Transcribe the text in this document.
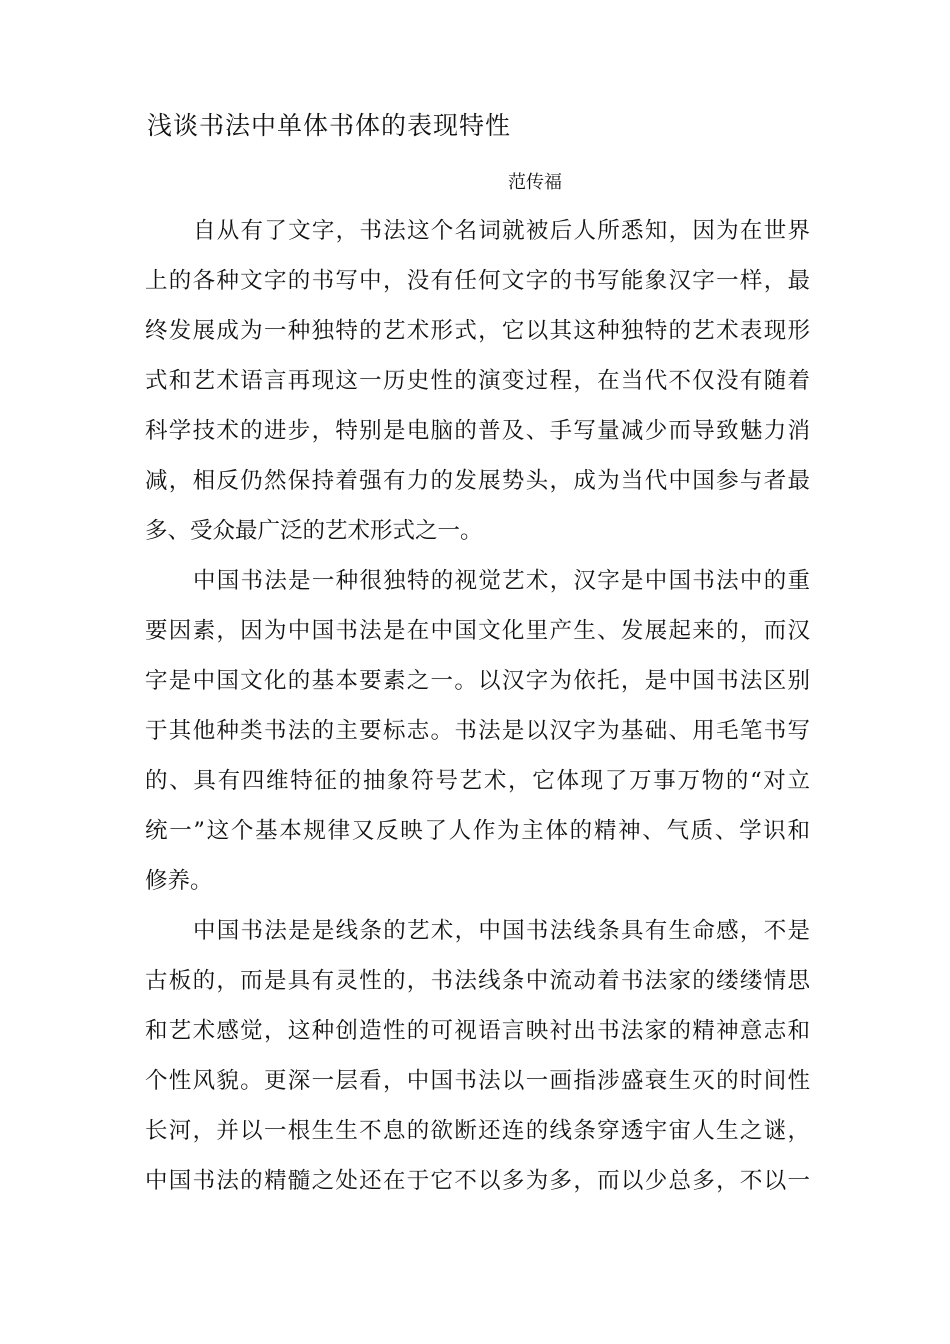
浅谈书法中单体书体的表现特性
范传福
自从有了文字，书法这个名词就被后人所悉知，因为在世界
上的各种文字的书写中，没有任何文字的书写能象汉字一样，最
终发展成为一种独特的艺术形式，它以其这种独特的艺术表现形
式和艺术语言再现这一历史性的演变过程，在当代不仅没有随着
科学技术的进步，特别是电脑的普及、手写量减少而导致魅力消
减，相反仍然保持着强有力的发展势头，成为当代中国参与者最
多、受众最广泛的艺术形式之一。
中国书法是一种很独特的视觉艺术，汉字是中国书法中的重
要因素，因为中国书法是在中国文化里产生、发展起来的，而汉
字是中国文化的基本要素之一。以汉字为依托，是中国书法区别
于其他种类书法的主要标志。书法是以汉字为基础、用毛笔书写
的、具有四维特征的抽象符号艺术，它体现了万事万物的“对立
统一”这个基本规律又反映了人作为主体的精神、气质、学识和
修养。
中国书法是是线条的艺术，中国书法线条具有生命感，不是
古板的，而是具有灵性的，书法线条中流动着书法家的缕缕情思
和艺术感觉，这种创造性的可视语言映衬出书法家的精神意志和
个性风貌。更深一层看，中国书法以一画指涉盛衰生灭的时间性
长河，并以一根生生不息的欲断还连的线条穿透宇宙人生之谜，
中国书法的精髓之处还在于它不以多为多，而以少总多，不以一
